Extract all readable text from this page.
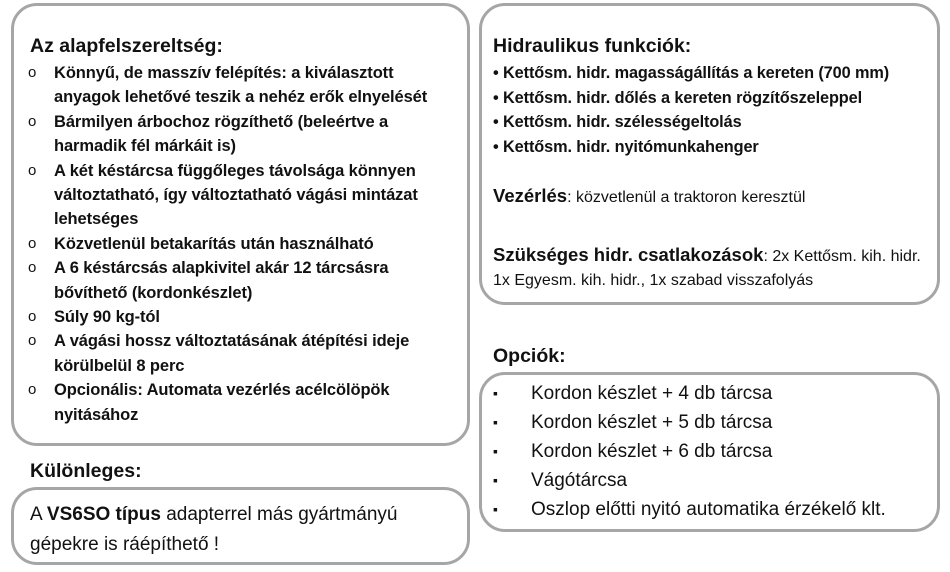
Az alapfelszereltség:
o Könnyű, de masszív felépítés: a kiválasztott anyagok lehetővé teszik a nehéz erők elnyelését
o Bármilyen árbochoz rögzíthető (beleértve a harmadik fél márkáit is)
o A két késtárcsa függőleges távolsága könnyen változtatható, így változtatható vágási mintázat lehetséges
o Közvetlenül betakarítás után használható
o A 6 késtárcsás alapkivitel akár 12 tárcsásra bővíthető (kordonkészlet)
o Súly 90 kg-tól
o A vágási hossz változtatásának átépítési ideje körülbelül 8 perc
o Opcionális: Automata vezérlés acélcölöpök nyitásához
Hidraulikus funkciók:
• Kettősm. hidr. magasságállítás a kereten (700 mm)
• Kettősm. hidr. dőlés a kereten rögzítőszeleppel
• Kettősm. hidr. szélességeltolás
• Kettősm. hidr. nyitómunkahenger
Vezérlés: közvetlenül a traktoron keresztül
Szükséges hidr. csatlakozások: 2x Kettősm. kih. hidr. 1x Egyesm. kih. hidr., 1x szabad visszafolyás
Különleges:
A VS6SO típus adapterrel más gyártmányú gépekre is ráépíthető !
Opciók:
▪ Kordon készlet + 4 db tárcsa
▪ Kordon készlet + 5 db tárcsa
▪ Kordon készlet + 6 db tárcsa
▪ Vágótárcsa
▪ Oszlop előtti nyitó automatika érzékelő klt.
